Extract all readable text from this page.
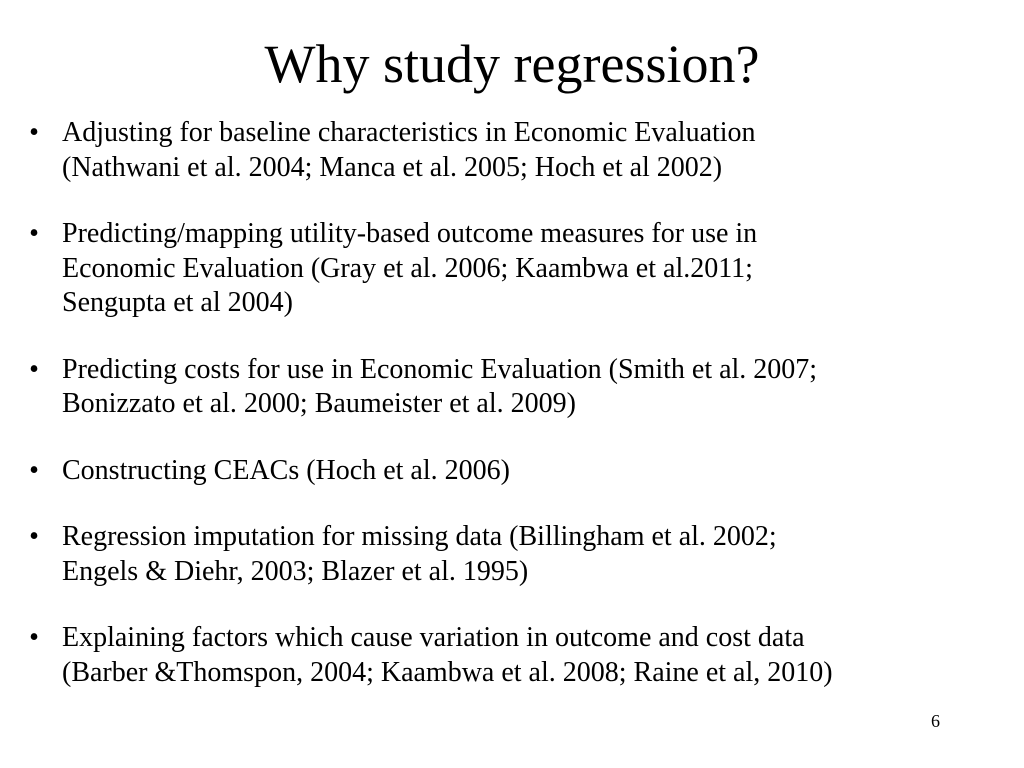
Why study regression?
• Adjusting for baseline characteristics in Economic Evaluation
(Nathwani et al. 2004; Manca et al. 2005; Hoch et al 2002)
• Predicting/mapping utility-based outcome measures for use in
Economic Evaluation (Gray et al. 2006; Kaambwa et al.2011;
Sengupta et al 2004)
• Predicting costs for use in Economic Evaluation (Smith et al. 2007;
Bonizzato et al. 2000; Baumeister et al. 2009)
• Constructing CEACs (Hoch et al. 2006)
• Regression imputation for missing data (Billingham et al. 2002;
Engels & Diehr, 2003; Blazer et al. 1995)
• Explaining factors which cause variation in outcome and cost data
(Barber &Thomspon, 2004; Kaambwa et al. 2008; Raine et al, 2010)
6
